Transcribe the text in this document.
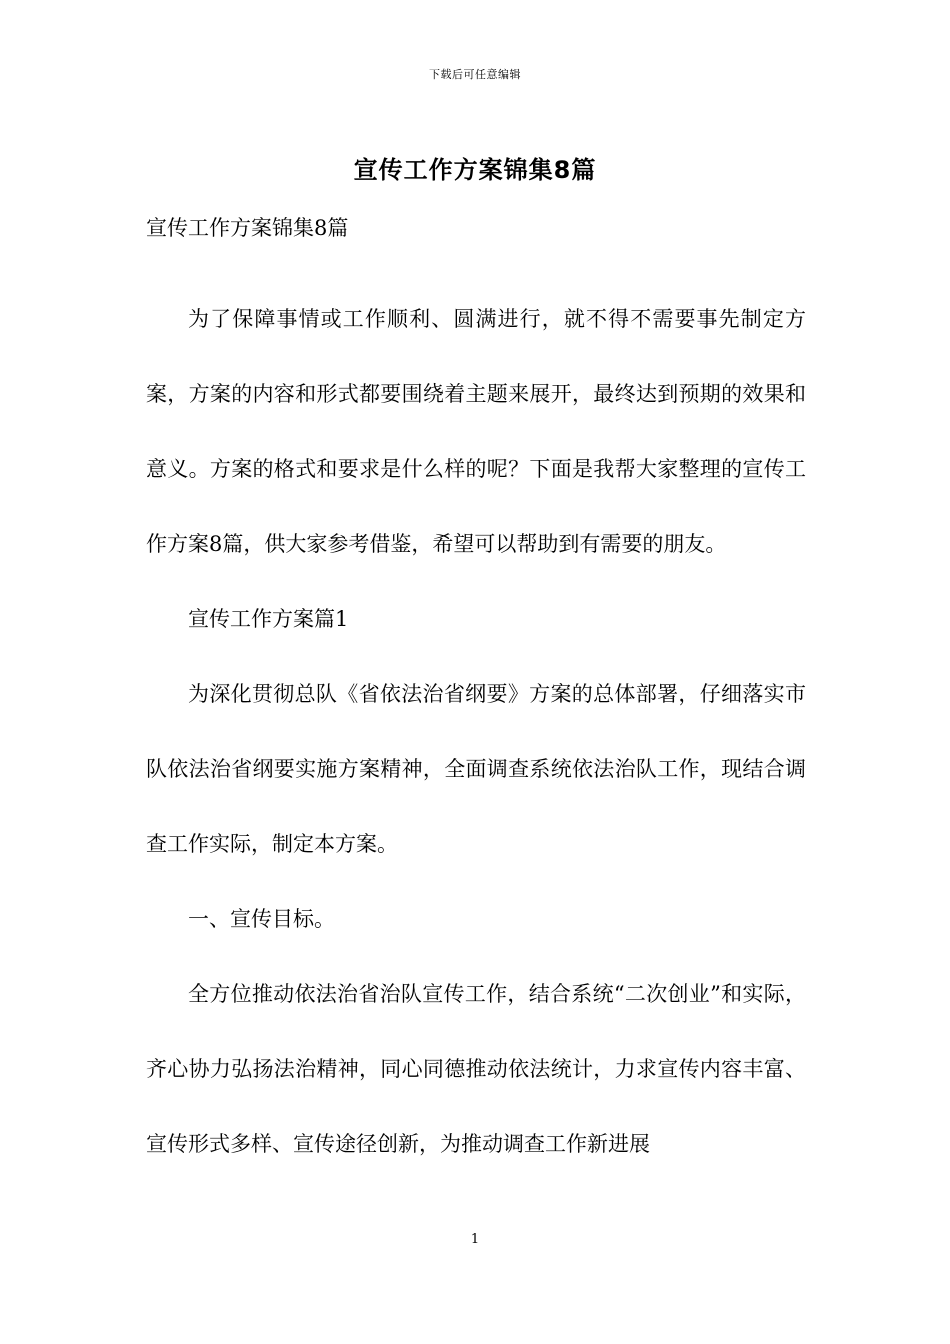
下载后可任意编辑
宣传工作方案锦集8篇
宣传工作方案锦集8篇

为了保障事情或工作顺利、圆满进行，就不得不需要事先制定方案，方案的内容和形式都要围绕着主题来展开，最终达到预期的效果和意义。方案的格式和要求是什么样的呢？下面是我帮大家整理的宣传工作方案8篇，供大家参考借鉴，希望可以帮助到有需要的朋友。

宣传工作方案篇1

为深化贯彻总队《省依法治省纲要》方案的总体部署，仔细落实市队依法治省纲要实施方案精神，全面调查系统依法治队工作，现结合调查工作实际，制定本方案。

一、宣传目标。

全方位推动依法治省治队宣传工作，结合系统“二次创业”和实际，齐心协力弘扬法治精神，同心同德推动依法统计，力求宣传内容丰富、宣传形式多样、宣传途径创新，为推动调查工作新进展

1
